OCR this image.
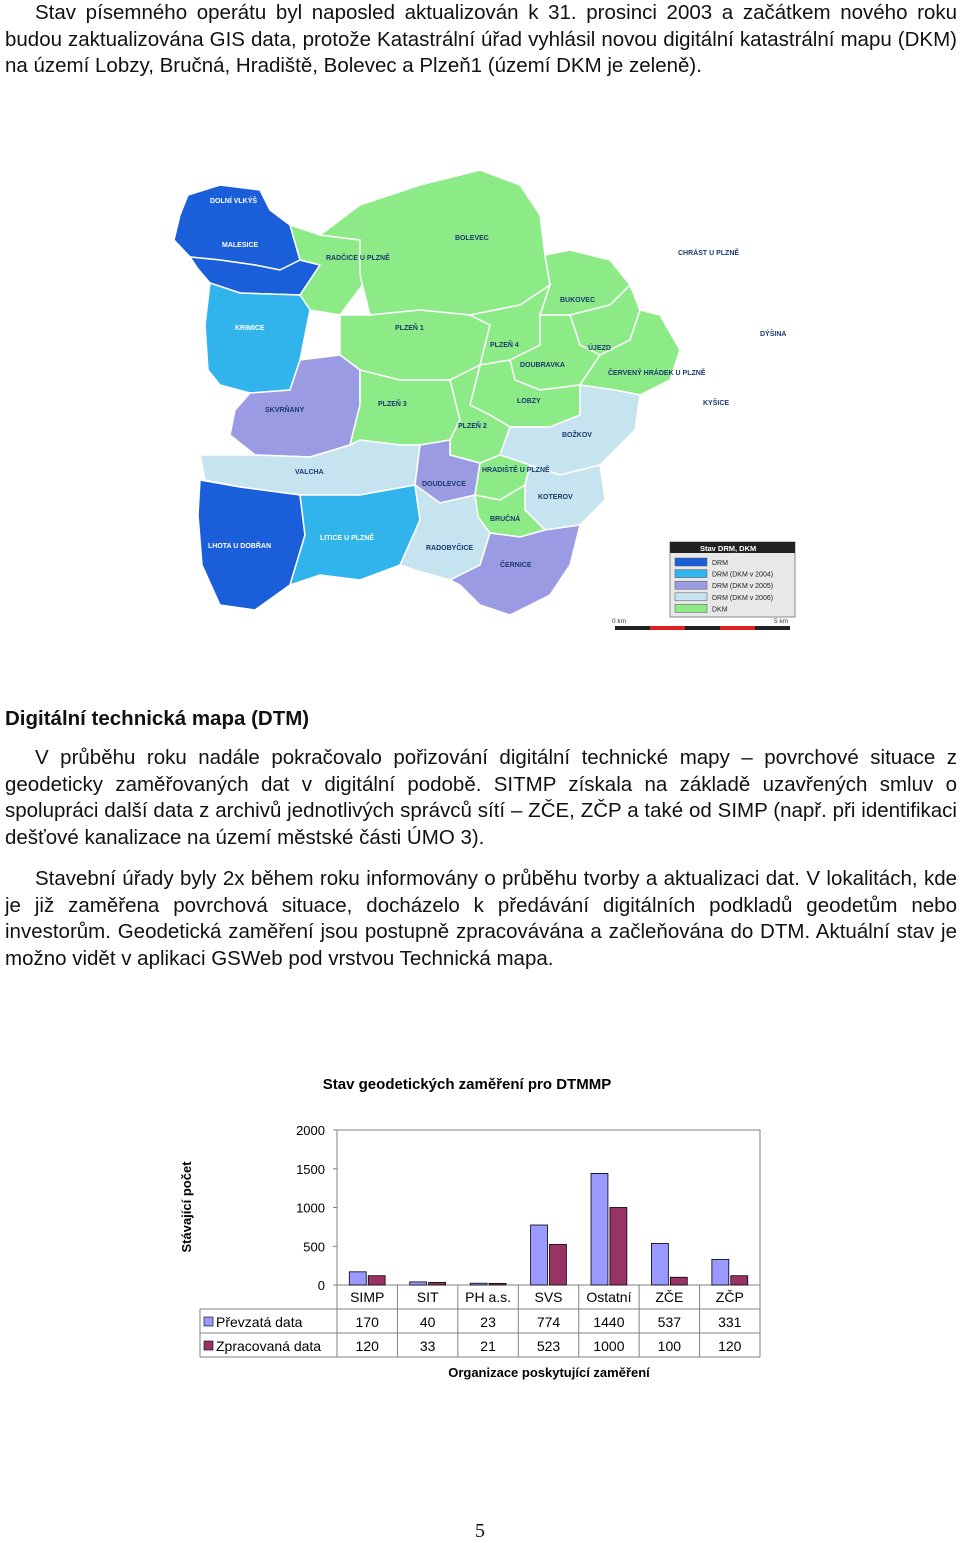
Stav písemného operátu byl naposled aktualizován k 31. prosinci 2003 a začátkem nového roku budou zaktualizována GIS data, protože Katastrální úřad vyhlásil novou digitální katastrální mapu (DKM) na území Lobzy, Bručná, Hradiště, Bolevec a Plzeň1 (území DKM je zeleně).

DOLNÍ VLKÝŠ
MALESICE
KRIMICE
LHOTA U DOBŘAN
LITICE U PLZNĚ
RADČICE U PLZNĚ
BOLEVEC
CHRÁST U PLZNĚ
PLZEŇ 1
BUKOVEC
PLZEŇ 4	ÚJEZD
DOUBRAVKA
ČERVENÝ HRÁDEK U PLZNĚ
DÝŠINA
SKVRŇANY
PLZEŇ 3	LOBZY	KYŠICE
PLZEŇ 2
BOŽKOV
VALCHA
DOUDLEVCE
HRADIŠTĚ U PLZNĚ
KOTEROV
BRUČNÁ
RADOBYČICE
ČERNICE
Stav DRM, DKM
DRM
DRM (DKM v 2004)
DRM (DKM v 2005)
DRM (DKM v 2006)
DKM
0 km	5 km
Digitální technická mapa (DTM)

V průběhu roku nadále pokračovalo pořizování digitální technické mapy – povrchové situace z geodeticky zaměřovaných dat v digitální podobě. SITMP získala na základě uzavřených smluv o spolupráci další data z archivů jednotlivých správců sítí – ZČE, ZČP a také od SIMP (např. při identifikaci dešťové kanalizace na území městské části ÚMO 3).

Stavební úřady byly 2x během roku informovány o průběhu tvorby a aktualizaci dat. V lokalitách, kde je již zaměřena povrchová situace, docházelo k předávání digitálních podkladů geodetům nebo investorům. Geodetická zaměření jsou postupně zpracovávána a začleňována do DTM. Aktuální stav je možno vidět v aplikaci GSWeb pod vrstvou Technická mapa.

Stav geodetických zaměření pro DTMMP
Stávající počet
Organizace poskytující zaměření
0
500
1000
1500
2000
SIMP SIT PH a.s. SVS Ostatní ZČE ZČP
Převzatá data	170	40	23	774 1440 537	331
Zpracovaná data 120	33	21	523 1000 100	120
5
